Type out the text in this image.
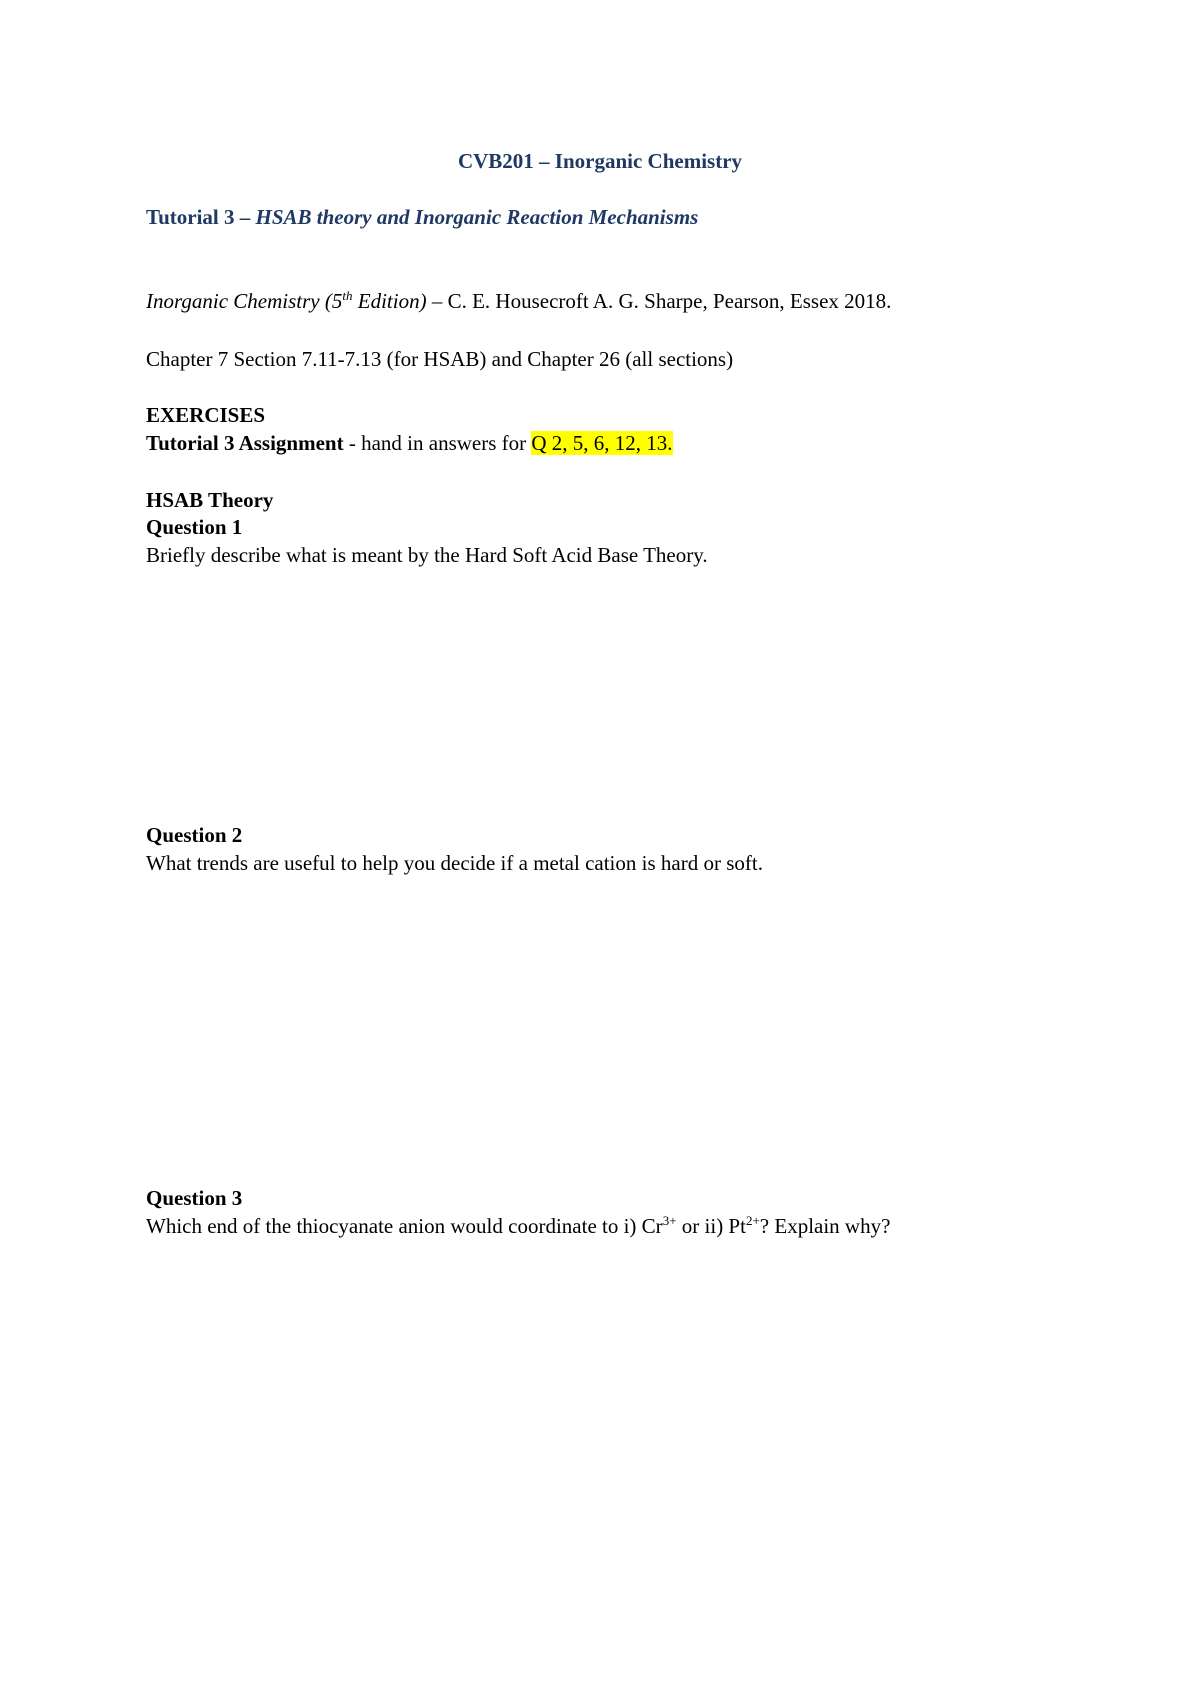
CVB201 – Inorganic Chemistry
Tutorial 3 – HSAB theory and Inorganic Reaction Mechanisms
Inorganic Chemistry (5th Edition) – C. E. Housecroft A. G. Sharpe, Pearson, Essex 2018.
Chapter 7 Section 7.11-7.13 (for HSAB) and Chapter 26 (all sections)
EXERCISES
Tutorial 3 Assignment - hand in answers for Q 2, 5, 6, 12, 13.
HSAB Theory
Question 1
Briefly describe what is meant by the Hard Soft Acid Base Theory.
Question 2
What trends are useful to help you decide if a metal cation is hard or soft.
Question 3
Which end of the thiocyanate anion would coordinate to i) $Cr^{3+}$ or ii) $Pt^{2+}$? Explain why?
